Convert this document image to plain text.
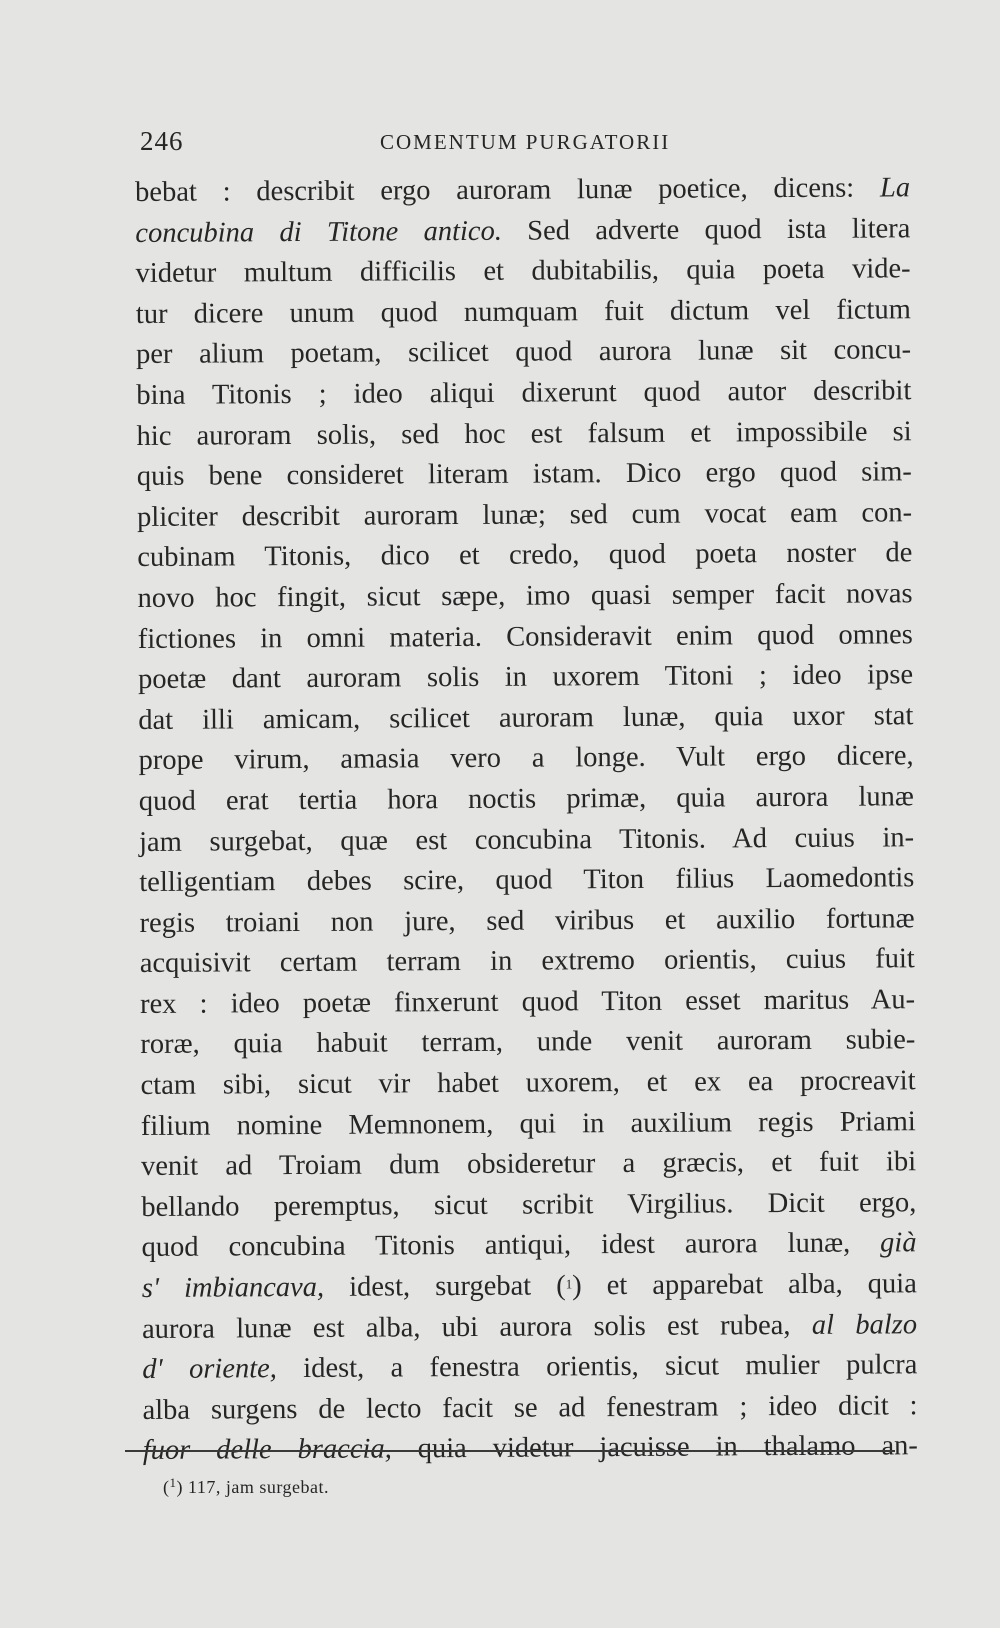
246	COMENTUM PURGATORII
bebat : describit ergo auroram lunæ poetice, dicens: La
concubina di Titone antico. Sed adverte quod ista litera
videtur multum difficilis et dubitabilis, quia poeta vide-
tur dicere unum quod numquam fuit dictum vel fictum
per alium poetam, scilicet quod aurora lunæ sit concu-
bina Titonis ; ideo aliqui dixerunt quod autor describit
hic auroram solis, sed hoc est falsum et impossibile si
quis bene consideret literam istam. Dico ergo quod sim-
pliciter describit auroram lunæ; sed cum vocat eam con-
cubinam Titonis, dico et credo, quod poeta noster de
novo hoc fingit, sicut sæpe, imo quasi semper facit novas
fictiones in omni materia. Consideravit enim quod omnes
poetæ dant auroram solis in uxorem Titoni ; ideo ipse
dat illi amicam, scilicet auroram lunæ, quia uxor stat
prope virum, amasia vero a longe. Vult ergo dicere,
quod erat tertia hora noctis primæ, quia aurora lunæ
jam surgebat, quæ est concubina Titonis. Ad cuius in-
telligentiam debes scire, quod Titon filius Laomedontis
regis troiani non jure, sed viribus et auxilio fortunæ
acquisivit certam terram in extremo orientis, cuius fuit
rex : ideo poetæ finxerunt quod Titon esset maritus Au-
roræ, quia habuit terram, unde venit auroram subie-
ctam sibi, sicut vir habet uxorem, et ex ea procreavit
filium nomine Memnonem, qui in auxilium regis Priami
venit ad Troiam dum obsideretur a græcis, et fuit ibi
bellando peremptus, sicut scribit Virgilius. Dicit ergo,
quod concubina Titonis antiqui, idest aurora lunæ, già
s' imbiancava, idest, surgebat ($^1$) et apparebat alba, quia
aurora lunæ est alba, ubi aurora solis est rubea, al balzo
d' oriente, idest, a fenestra orientis, sicut mulier pulcra
alba surgens de lecto facit se ad fenestram ; ideo dicit :
fuor delle braccia, quia videtur jacuisse in thalamo an-
($^1$) 117, jam surgebat.
